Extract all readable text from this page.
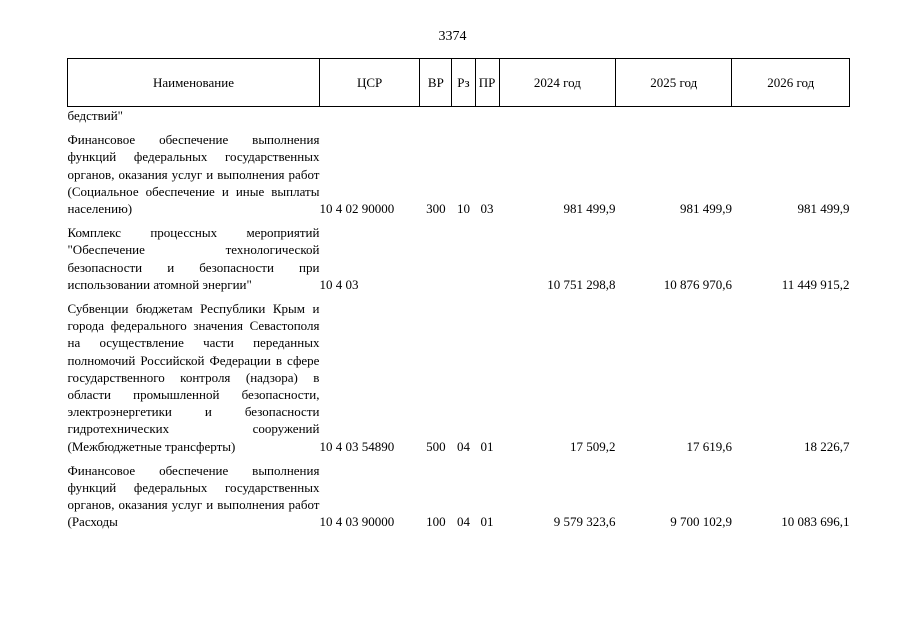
3374
Наименование	ЦСР	ВР	Рз	ПР	2024 год	2025 год	2026 год
бедствий"							

Финансовое обеспечение выполнения функций федеральных государственных органов, оказания услуг и выполнения работ (Социальное обеспечение и иные выплаты населению)	10 4 02 90000	300	10	03	981 499,9	981 499,9	981 499,9

Комплекс процессных мероприятий "Обеспечение технологической безопасности и безопасности при использовании атомной энергии"	10 4 03				10 751 298,8	10 876 970,6	11 449 915,2

Субвенции бюджетам Республики Крым и города федерального значения Севастополя на осуществление части переданных полномочий Российской Федерации в сфере государственного контроля (надзора) в области промышленной безопасности, электроэнергетики и безопасности гидротехнических сооружений (Межбюджетные трансферты)	10 4 03 54890	500	04	01	17 509,2	17 619,6	18 226,7

Финансовое обеспечение выполнения функций федеральных государственных органов, оказания услуг и выполнения работ (Расходы	10 4 03 90000	100	04	01	9 579 323,6	9 700 102,9	10 083 696,1
